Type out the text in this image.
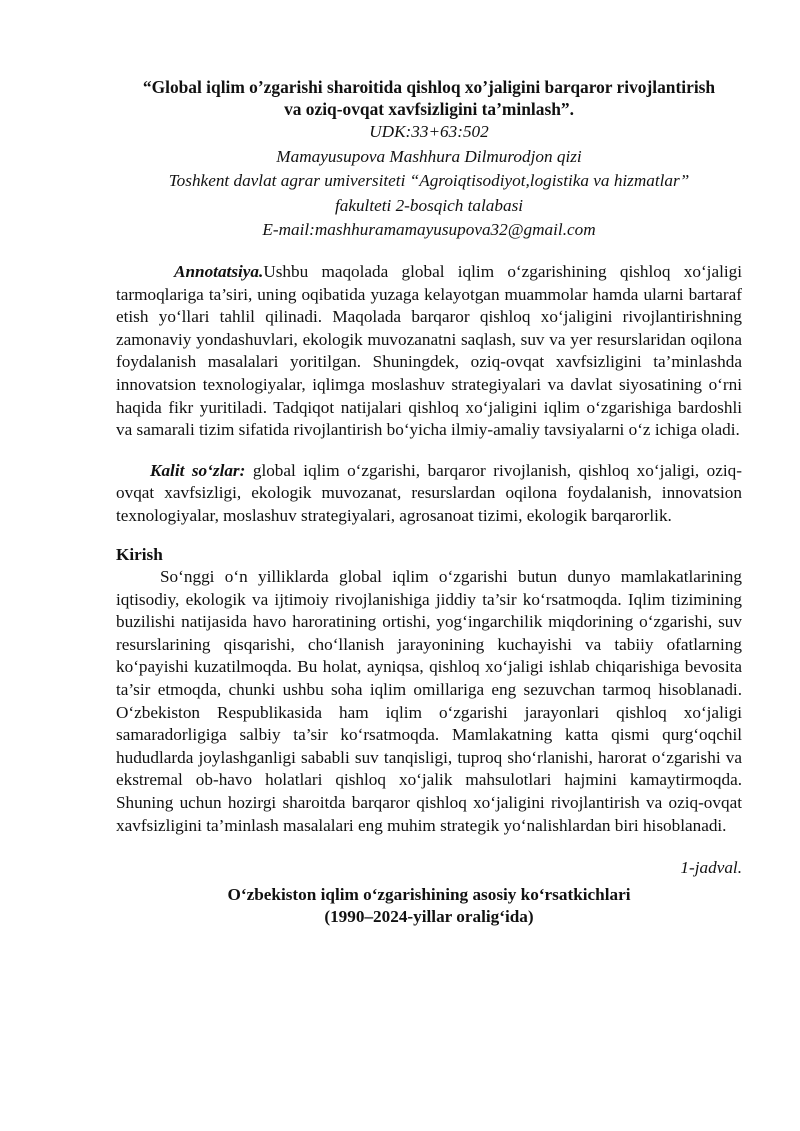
“Global iqlim o’zgarishi sharoitida qishloq xo’jaligini barqaror rivojlantirish
va oziq-ovqat xavfsizligini ta’minlash”.
UDK:33+63:502
Mamayusupova Mashhura Dilmurodjon qizi
Toshkent davlat agrar umiversiteti “Agroiqtisodiyot,logistika va hizmatlar”
fakulteti 2-bosqich talabasi
E-mail:mashhuramamayusupova32@gmail.com
Annotatsiya.Ushbu maqolada global iqlim o‘zgarishining qishloq xo‘jaligi tarmoqlariga ta’siri, uning oqibatida yuzaga kelayotgan muammolar hamda ularni bartaraf etish yo‘llari tahlil qilinadi. Maqolada barqaror qishloq xo‘jaligini rivojlantirishning zamonaviy yondashuvlari, ekologik muvozanatni saqlash, suv va yer resurslaridan oqilona foydalanish masalalari yoritilgan. Shuningdek, oziq-ovqat xavfsizligini ta’minlashda innovatsion texnologiyalar, iqlimga moslashuv strategiyalari va davlat siyosatining o‘rni haqida fikr yuritiladi. Tadqiqot natijalari qishloq xo‘jaligini iqlim o‘zgarishiga bardoshli va samarali tizim sifatida rivojlantirish bo‘yicha ilmiy-amaliy tavsiyalarni o‘z ichiga oladi.
Kalit so‘zlar: global iqlim o‘zgarishi, barqaror rivojlanish, qishloq xo‘jaligi, oziq-ovqat xavfsizligi, ekologik muvozanat, resurslardan oqilona foydalanish, innovatsion texnologiyalar, moslashuv strategiyalari, agrosanoat tizimi, ekologik barqarorlik.
Kirish
So‘nggi o‘n yilliklarda global iqlim o‘zgarishi butun dunyo mamlakatlarining iqtisodiy, ekologik va ijtimoiy rivojlanishiga jiddiy ta’sir ko‘rsatmoqda. Iqlim tizimining buzilishi natijasida havo haroratining ortishi, yog‘ingarchilik miqdorining o‘zgarishi, suv resurslarining qisqarishi, cho‘llanish jarayonining kuchayishi va tabiiy ofatlarning ko‘payishi kuzatilmoqda. Bu holat, ayniqsa, qishloq xo‘jaligi ishlab chiqarishiga bevosita ta’sir etmoqda, chunki ushbu soha iqlim omillariga eng sezuvchan tarmoq hisoblanadi. O‘zbekiston Respublikasida ham iqlim o‘zgarishi jarayonlari qishloq xo‘jaligi samaradorligiga salbiy ta’sir ko‘rsatmoqda. Mamlakatning katta qismi qurg‘oqchil hududlarda joylashganligi sababli suv tanqisligi, tuproq sho‘rlanishi, harorat o‘zgarishi va ekstremal ob-havo holatlari qishloq xo‘jalik mahsulotlari hajmini kamaytirmoqda. Shuning uchun hozirgi sharoitda barqaror qishloq xo‘jaligini rivojlantirish va oziq-ovqat xavfsizligini ta’minlash masalalari eng muhim strategik yo‘nalishlardan biri hisoblanadi.
1-jadval.
O‘zbekiston iqlim o‘zgarishining asosiy ko‘rsatkichlari
(1990–2024-yillar oralig‘ida)
